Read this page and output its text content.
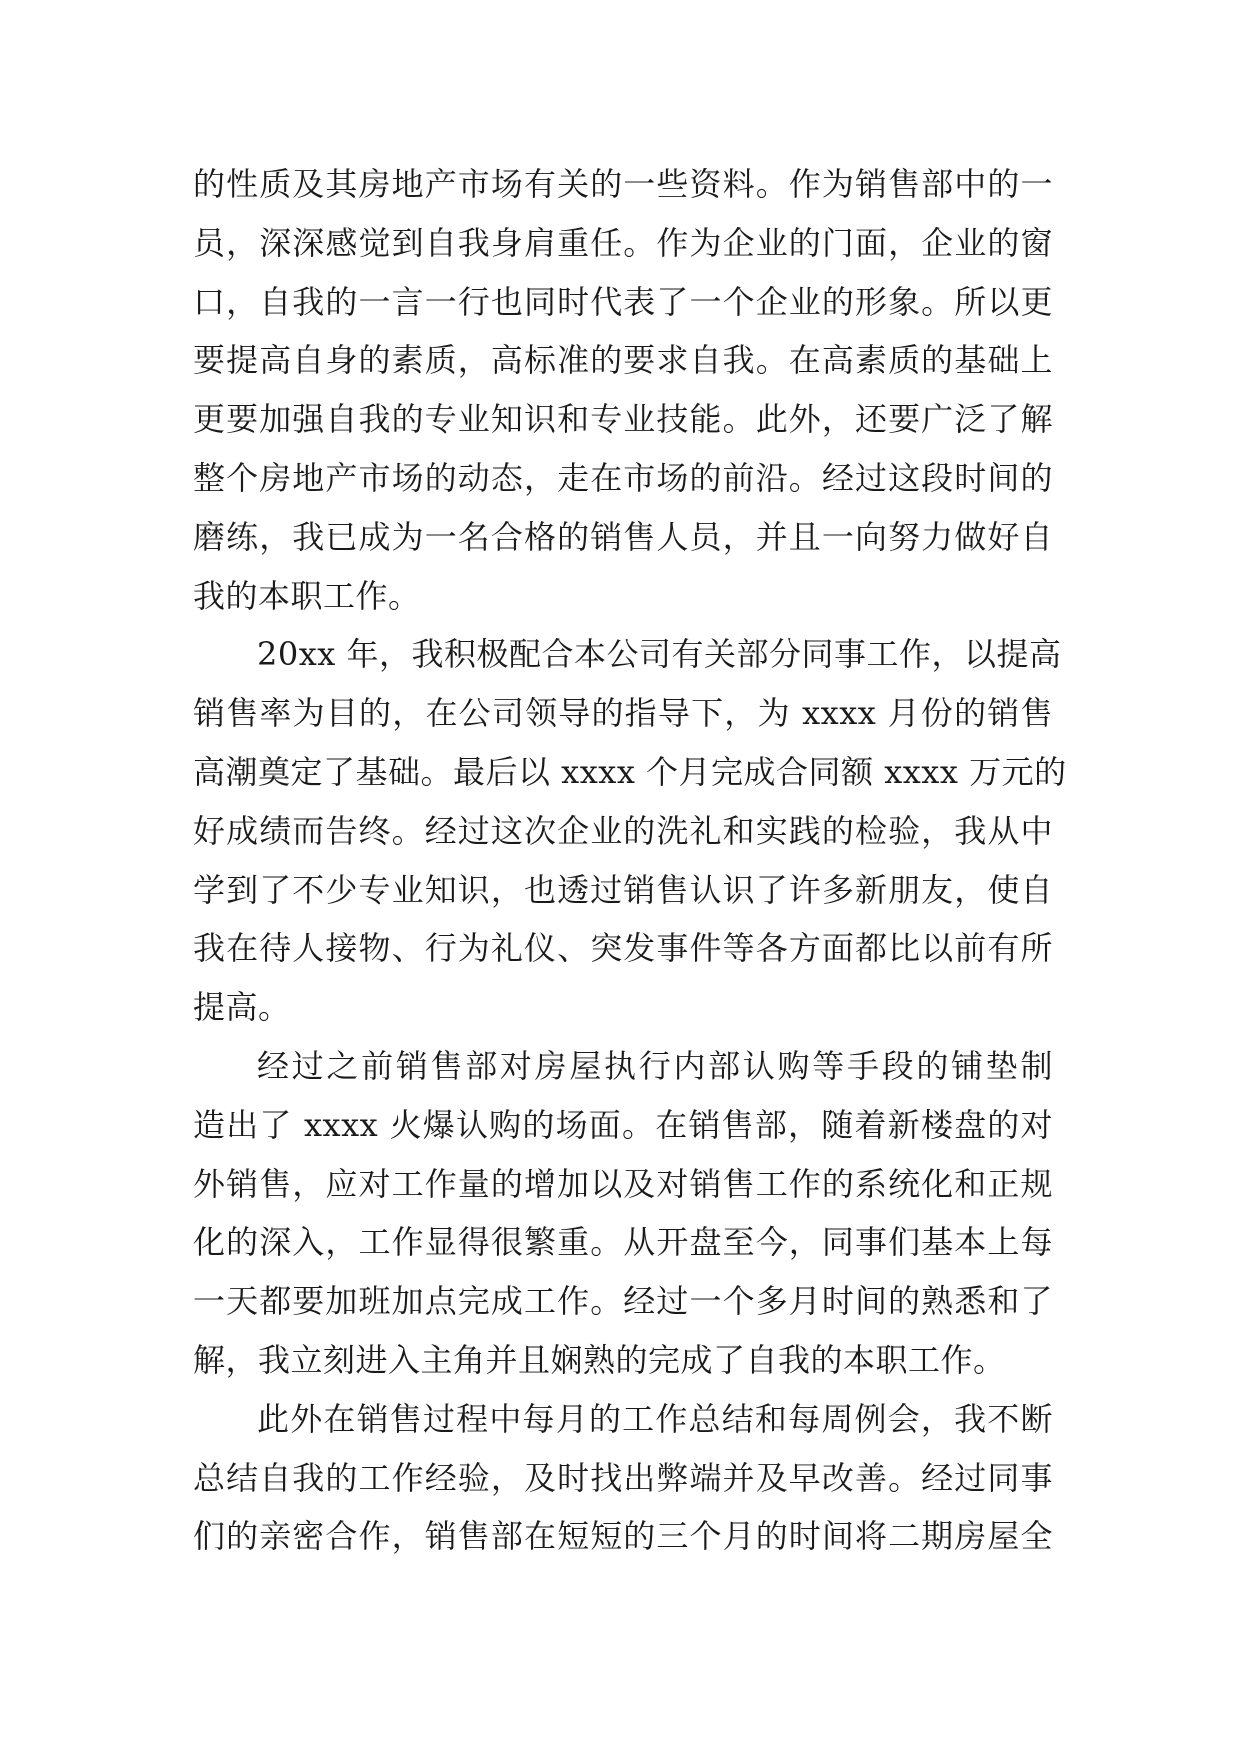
的性质及其房地产市场有关的一些资料。作为销售部中的一
员，深深感觉到自我身肩重任。作为企业的门面，企业的窗
口，自我的一言一行也同时代表了一个企业的形象。所以更
要提高自身的素质，高标准的要求自我。在高素质的基础上
更要加强自我的专业知识和专业技能。此外，还要广泛了解
整个房地产市场的动态，走在市场的前沿。经过这段时间的
磨练，我已成为一名合格的销售人员，并且一向努力做好自
我的本职工作。
20xx 年，我积极配合本公司有关部分同事工作，以提高
销售率为目的，在公司领导的指导下，为 xxxx 月份的销售
高潮奠定了基础。最后以 xxxx 个月完成合同额 xxxx 万元的
好成绩而告终。经过这次企业的洗礼和实践的检验，我从中
学到了不少专业知识，也透过销售认识了许多新朋友，使自
我在待人接物、行为礼仪、突发事件等各方面都比以前有所
提高。
经过之前销售部对房屋执行内部认购等手段的铺垫制
造出了 xxxx 火爆认购的场面。在销售部，随着新楼盘的对
外销售，应对工作量的增加以及对销售工作的系统化和正规
化的深入，工作显得很繁重。从开盘至今，同事们基本上每
一天都要加班加点完成工作。经过一个多月时间的熟悉和了
解，我立刻进入主角并且娴熟的完成了自我的本职工作。
此外在销售过程中每月的工作总结和每周例会，我不断
总结自我的工作经验，及时找出弊端并及早改善。经过同事
们的亲密合作，销售部在短短的三个月的时间将二期房屋全
